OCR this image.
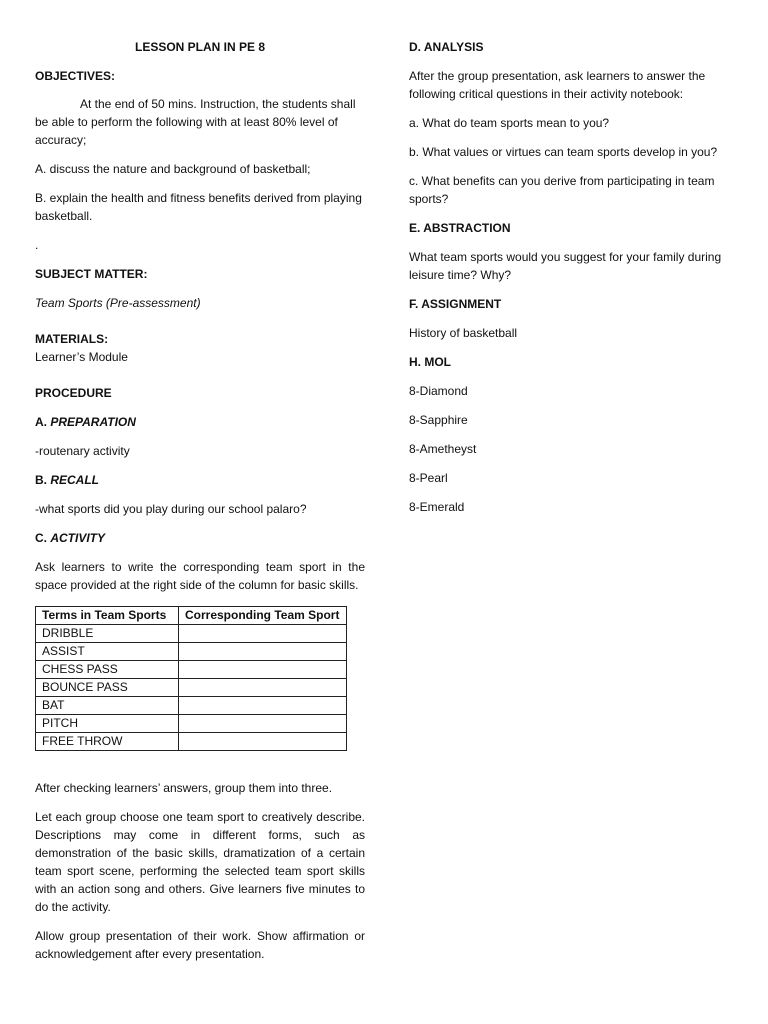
LESSON PLAN IN PE 8

OBJECTIVES:

At the end of 50 mins. Instruction, the students shall be able to perform the following with at least 80% level of accuracy;

A. discuss the nature and background of basketball;

B. explain the health and fitness benefits derived from playing basketball.

.

SUBJECT MATTER:

Team Sports (Pre-assessment)

MATERIALS:

Learner’s Module

PROCEDURE

A. PREPARATION

-routenary activity

B. RECALL

-what sports did you play during our school palaro?

C. ACTIVITY

Ask learners to write the corresponding team sport in the space provided at the right side of the column for basic skills.

Terms in Team Sports	Corresponding Team Sport
DRIBBLE	
ASSIST	
CHESS PASS	
BOUNCE PASS	
BAT	
PITCH	
FREE THROW	

After checking learners’ answers, group them into three.

Let each group choose one team sport to creatively describe. Descriptions may come in different forms, such as demonstration of the basic skills, dramatization of a certain team sport scene, performing the selected team sport skills with an action song and others. Give learners five minutes to do the activity.

Allow group presentation of their work. Show affirmation or acknowledgement after every presentation.

D. ANALYSIS

After the group presentation, ask learners to answer the following critical questions in their activity notebook:

a. What do team sports mean to you?

b. What values or virtues can team sports develop in you?

c. What benefits can you derive from participating in team sports?

E. ABSTRACTION

What team sports would you suggest for your family during leisure time? Why?

F. ASSIGNMENT

History of basketball

H. MOL

8-Diamond

8-Sapphire

8-Ametheyst

8-Pearl

8-Emerald
